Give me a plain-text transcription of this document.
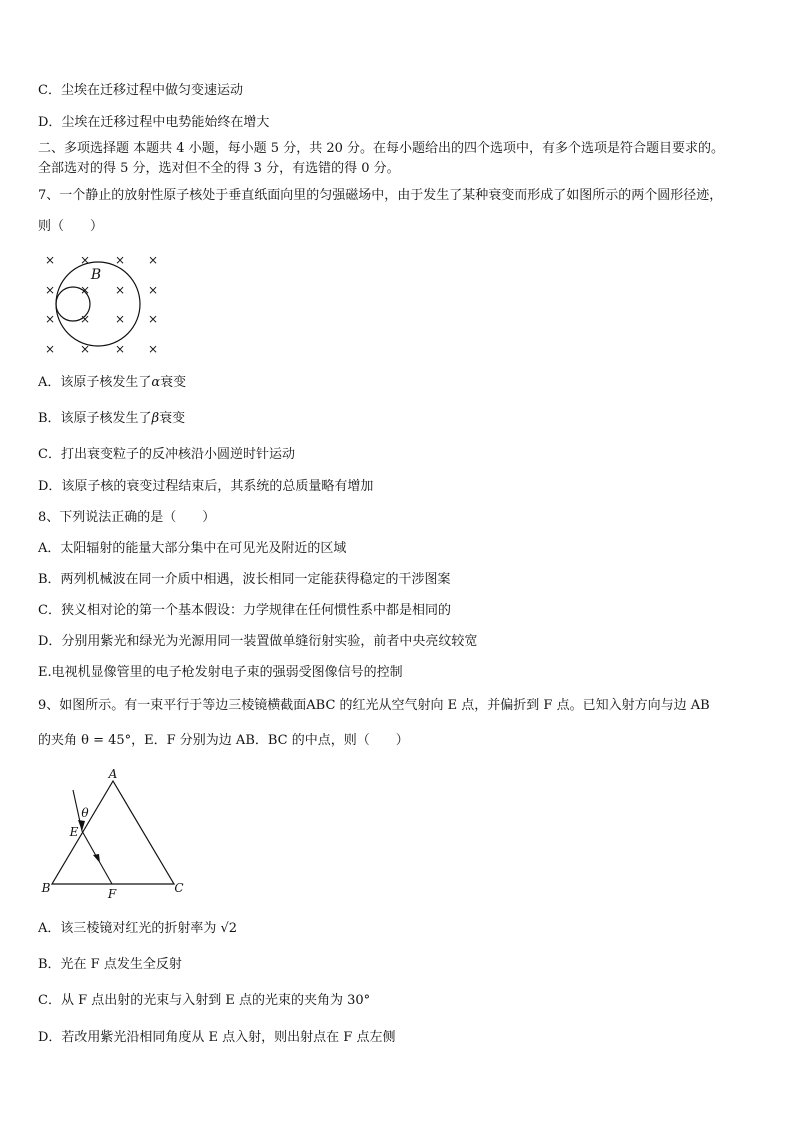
C．尘埃在迁移过程中做匀变速运动
D．尘埃在迁移过程中电势能始终在增大
二、多项选择题 本题共 4 小题，每小题 5 分，共 20 分。在每小题给出的四个选项中，有多个选项是符合题目要求的。
全部选对的得 5 分，选对但不全的得 3 分，有选错的得 0 分。
7、一个静止的放射性原子核处于垂直纸面向里的匀强磁场中，由于发生了某种衰变而形成了如图所示的两个圆形径迹，
则（　　）
× × × ×
× × × ×
× × × ×
× × × ×
B
A．该原子核发生了α衰变
B．该原子核发生了β衰变
C．打出衰变粒子的反冲核沿小圆逆时针运动
D．该原子核的衰变过程结束后，其系统的总质量略有增加
8、下列说法正确的是（　　）
A．太阳辐射的能量大部分集中在可见光及附近的区域
B．两列机械波在同一介质中相遇，波长相同一定能获得稳定的干涉图案
C．狭义相对论的第一个基本假设：力学规律在任何惯性系中都是相同的
D．分别用紫光和绿光为光源用同一装置做单缝衍射实验，前者中央亮纹较宽
E.电视机显像管里的电子枪发射电子束的强弱受图像信号的控制
9、如图所示。有一束平行于等边三棱镜横截面ABC 的红光从空气射向 E 点，并偏折到 F 点。已知入射方向与边 AB
的夹角 θ = 45°，E．F 分别为边 AB．BC 的中点，则（　　）
A
B	C
E
F
θ
A．该三棱镜对红光的折射率为 √2
B．光在 F 点发生全反射
C．从 F 点出射的光束与入射到 E 点的光束的夹角为 30°
D．若改用紫光沿相同角度从 E 点入射，则出射点在 F 点左侧
